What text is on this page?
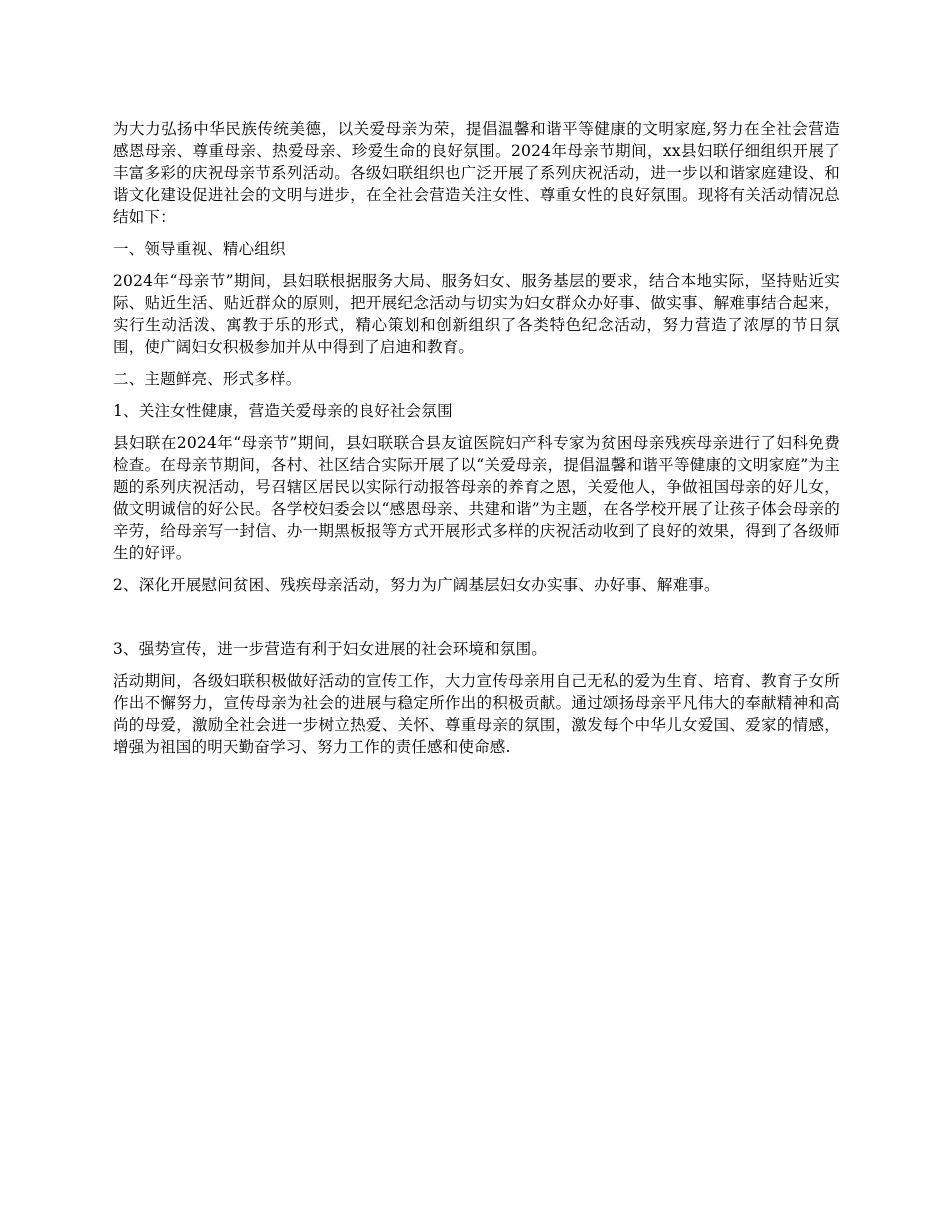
为大力弘扬中华民族传统美德，以关爱母亲为荣，提倡温馨和谐平等健康的文明家庭,努力在全社会营造感恩母亲、尊重母亲、热爱母亲、珍爱生命的良好氛围。2024年母亲节期间，xx县妇联仔细组织开展了丰富多彩的庆祝母亲节系列活动。各级妇联组织也广泛开展了系列庆祝活动，进一步以和谐家庭建设、和谐文化建设促进社会的文明与进步，在全社会营造关注女性、尊重女性的良好氛围。现将有关活动情况总结如下：

一、领导重视、精心组织

2024年“母亲节”期间，县妇联根据服务大局、服务妇女、服务基层的要求，结合本地实际，坚持贴近实际、贴近生活、贴近群众的原则，把开展纪念活动与切实为妇女群众办好事、做实事、解难事结合起来，实行生动活泼、寓教于乐的形式，精心策划和创新组织了各类特色纪念活动，努力营造了浓厚的节日氛围，使广阔妇女积极参加并从中得到了启迪和教育。

二、主题鲜亮、形式多样。

1、关注女性健康，营造关爱母亲的良好社会氛围

县妇联在2024年“母亲节”期间，县妇联联合县友谊医院妇产科专家为贫困母亲残疾母亲进行了妇科免费检查。在母亲节期间，各村、社区结合实际开展了以“关爱母亲，提倡温馨和谐平等健康的文明家庭”为主题的系列庆祝活动，号召辖区居民以实际行动报答母亲的养育之恩，关爱他人，争做祖国母亲的好儿女，做文明诚信的好公民。各学校妇委会以“感恩母亲、共建和谐”为主题，在各学校开展了让孩子体会母亲的辛劳，给母亲写一封信、办一期黑板报等方式开展形式多样的庆祝活动收到了良好的效果，得到了各级师生的好评。

2、深化开展慰问贫困、残疾母亲活动，努力为广阔基层妇女办实事、办好事、解难事。

3、强势宣传，进一步营造有利于妇女进展的社会环境和氛围。

活动期间，各级妇联积极做好活动的宣传工作，大力宣传母亲用自己无私的爱为生育、培育、教育子女所作出不懈努力，宣传母亲为社会的进展与稳定所作出的积极贡献。通过颂扬母亲平凡伟大的奉献精神和高尚的母爱，激励全社会进一步树立热爱、关怀、尊重母亲的氛围，激发每个中华儿女爱国、爱家的情感，增强为祖国的明天勤奋学习、努力工作的责任感和使命感.
